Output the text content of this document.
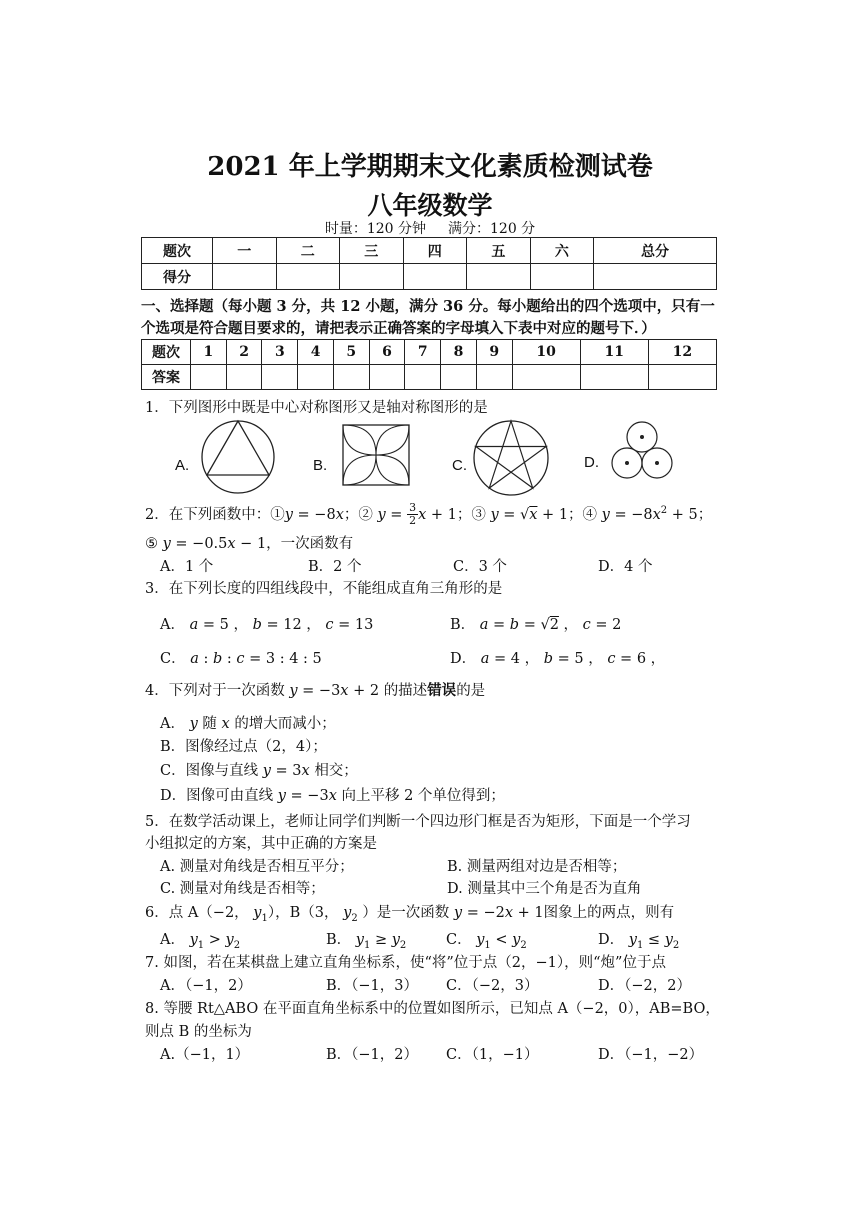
2021 年上学期期末文化素质检测试卷
八年级数学
时量：120 分钟 满分：120 分
题次	一	二	三	四	五	六	总分
得分							
一、选择题（每小题 3 分，共 12 小题，满分 36 分。每小题给出的四个选项中，只有一个选项是符合题目要求的，请把表示正确答案的字母填入下表中对应的题号下．）
题次	1	2	3	4	5	6	7	8	9	10	11	12
答案												
1．下列图形中既是中心对称图形又是轴对称图形的是
A.	B.	C.	D.
2．在下列函数中：①y = −8x；② $y = \frac{3}{2}$ x + 1；③ y = √x + 1；④ $y = -8x^2 + 5$；
⑤ y = −0.5x − 1，一次函数有
A．1 个	B．2 个	C．3 个	D．4 个
3．在下列长度的四组线段中，不能组成直角三角形的是
A． a = 5 ， b = 12 ， c = 13	B． a = b = √2 ， c = 2
C． a : b : c = 3 : 4 : 5	D． a = 4 ， b = 5 ， c = 6 ，
4．下列对于一次函数 y = −3x + 2 的描述错误的是
A． y 随 x 的增大而减小；
B．图像经过点（2，4）；
C．图像与直线 y = 3x 相交；
D．图像可由直线 y = −3x 向上平移 2 个单位得到；
5．在数学活动课上，老师让同学们判断一个四边形门框是否为矩形，下面是一个学习
小组拟定的方案，其中正确的方案是
A. 测量对角线是否相互平分；	B. 测量两组对边是否相等；
C. 测量对角线是否相等；	D. 测量其中三个角是否为直角
6．点 A（−2， $y_1$），B（3， $y_2$ ）是一次函数 y = −2x + 1图象上的两点，则有
A． $y_1 > y_2$	B． $y_1 \ge y_2$	C． $y_1 < y_2$	D． $y_1 \le y_2$
7. 如图，若在某棋盘上建立直角坐标系，使“将”位于点（2，−1），则“炮”位于点
A．（−1，2）	B．（−1，3） C．（−2，3）	D．（−2，2）
8. 等腰 Rt△ABO 在平面直角坐标系中的位置如图所示，已知点 A（−2，0），AB=BO，
则点 B 的坐标为
A.（−1，1）	B．（−1，2） C．（1，−1）	D．（−1，−2）
